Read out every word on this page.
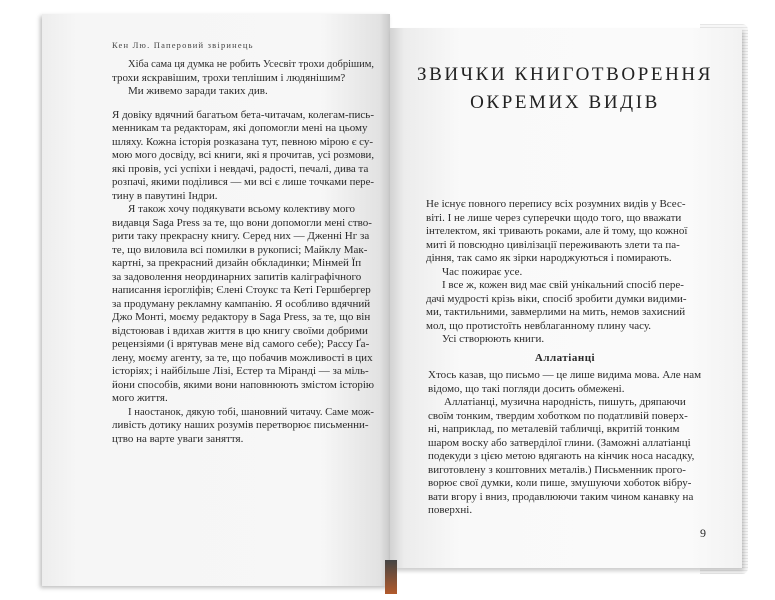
Кен Лю. Паперовий звіринець
Хіба сама ця думка не робить Усесвіт трохи добрішим,
трохи яскравішим, трохи теплішим і людянішим?
Ми живемо заради таких див.
Я довіку вдячний багатьом бета-читачам, колегам-пись-
менникам та редакторам, які допомогли мені на цьому
шляху. Кожна історія розказана тут, певною мірою є су-
мою мого досвіду, всі книги, які я прочитав, усі розмови,
які провів, усі успіхи і невдачі, радості, печалі, дива та
розпачі, якими поділився — ми всі є лише точками пере-
тину в павутині Індри.
Я також хочу подякувати всьому колективу мого
видавця Saga Press за те, що вони допомогли мені ство-
рити таку прекрасну книгу. Серед них — Дженні Нг за
те, що виловила всі помилки в рукописі; Майклу Мак-
картні, за прекрасний дизайн обкладинки; Мінмей Їп
за задоволення неординарних запитів каліграфічного
написання ієрогліфів; Єлені Стоукс та Кеті Гершбергер
за продуману рекламну кампанію. Я особливо вдячний
Джо Монті, моєму редактору в Saga Press, за те, що він
відстоював і вдихав життя в цю книгу своїми добрими
рецензіями (і врятував мене від самого себе); Рассу Ґа-
лену, моєму агенту, за те, що побачив можливості в цих
історіях; і найбільше Лізі, Естер та Міранді — за міль-
йони способів, якими вони наповнюють змістом історію
мого життя.
І наостанок, дякую тобі, шановний читачу. Саме мож-
ливість дотику наших розумів перетворює письменни-
цтво на варте уваги заняття.
ЗВИЧКИ КНИГОТВОРЕННЯ
ОКРЕМИХ ВИДІВ
Не існує повного перепису всіх розумних видів у Всес-
віті. І не лише через суперечки щодо того, що вважати
інтелектом, які тривають роками, але й тому, що кожної
миті й повсюдно цивілізації переживають злети та па-
діння, так само як зірки народжуються і помирають.
Час пожирає усе.
І все ж, кожен вид має свій унікальний спосіб пере-
дачі мудрості крізь віки, спосіб зробити думки видими-
ми, тактильними, завмерлими на мить, немов захисний
мол, що протистоїть невблаганному плину часу.
Усі створюють книги.
Аллатіанці
Хтось казав, що письмо — це лише видима мова. Але нам
відомо, що такі погляди досить обмежені.
Аллатіанці, музична народність, пишуть, дряпаючи
своїм тонким, твердим хоботком по податливій поверх-
ні, наприклад, по металевій табличці, вкритій тонким
шаром воску або затверділої глини. (Заможні аллатіанці
подекуди з цією метою вдягають на кінчик носа насадку,
виготовлену з коштовних металів.) Письменник прого-
ворює свої думки, коли пише, змушуючи хоботок вібру-
вати вгору і вниз, продавлюючи таким чином канавку на
поверхні.
9
